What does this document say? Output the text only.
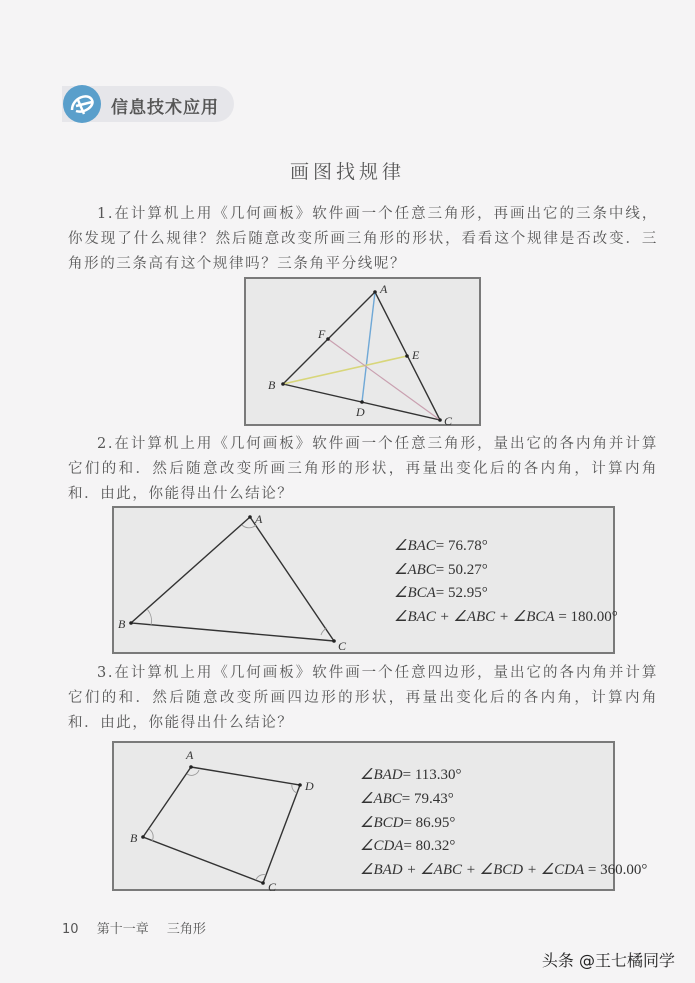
信息技术应用
画图找规律
1.在计算机上用《几何画板》软件画一个任意三角形，再画出它的三条中线，你发现了什么规律？然后随意改变所画三角形的形状，看看这个规律是否改变．三角形的三条高有这个规律吗？三条角平分线呢？
A
B
C
D
E
F
2.在计算机上用《几何画板》软件画一个任意三角形，量出它的各内角并计算它们的和．然后随意改变所画三角形的形状，再量出变化后的各内角，计算内角和．由此，你能得出什么结论？
A
B
C
∠BAC= 76.78°
∠ABC= 50.27°
∠BCA= 52.95°
∠BAC + ∠ABC + ∠BCA = 180.00°
3.在计算机上用《几何画板》软件画一个任意四边形，量出它的各内角并计算它们的和．然后随意改变所画四边形的形状，再量出变化后的各内角，计算内角和．由此，你能得出什么结论？
A
B
C
D
∠BAD= 113.30°
∠ABC= 79.43°
∠BCD= 86.95°
∠CDA= 80.32°
∠BAD + ∠ABC + ∠BCD + ∠CDA = 360.00°
10 第十一章 三角形
头条 @王七橘同学
